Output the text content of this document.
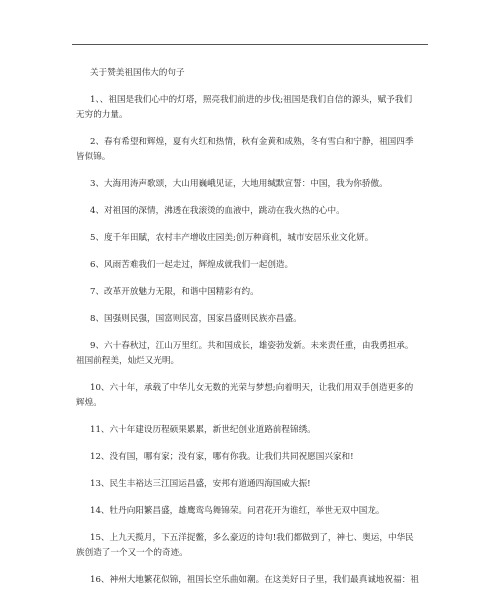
关于赞美祖国伟大的句子
1、、祖国是我们心中的灯塔，照亮我们前进的步伐;祖国是我们自信的源头，赋予我们
无穷的力量。
2、春有希望和辉煌，夏有火红和热情，秋有金黄和成熟，冬有雪白和宁静，祖国四季
皆似锦。
3、大海用涛声歌颂，大山用巍峨见证，大地用缄默宣誓：中国，我为你骄傲。
4、对祖国的深情，沸透在我滚烫的血液中，跳动在我火热的心中。
5、度千年田賦，农村丰产增收庄园美;创万种商机，城市安居乐业文化妍。
6、风雨苦难我们一起走过，辉煌成就我们一起创造。
7、改革开放魅力无限，和谐中国精彩有约。
8、国强则民强，国富则民富，国家昌盛则民族亦昌盛。
9、六十春秋过，江山万里红。共和国成长，雄姿勃发新。未来责任重，由我勇担承。
祖国前程美，灿烂又光明。
10、六十年，承载了中华儿女无数的光荣与梦想;向着明天，让我们用双手创造更多的
辉煌。
11、六十年建设历程硕果累累，新世纪创业道路前程锦绣。
12、没有国，哪有家；没有家，哪有你我。让我们共同祝愿国兴家和!
13、民生丰裕达三江国运昌盛，安邦有道通四海国威大振!
14、牡丹向阳繁昌盛，雄鹰鸾鸟舞锦荣。问君花开为谁红，举世无双中国龙。
15、上九天揽月，下五洋捉鳖，多么豪迈的诗句!我们都做到了，神七、奥运，中华民
族创造了一个又一个的奇迹。
16、神州大地繁花似锦，祖国长空乐曲如潮。在这美好日子里，我们最真诚地祝福：祖
